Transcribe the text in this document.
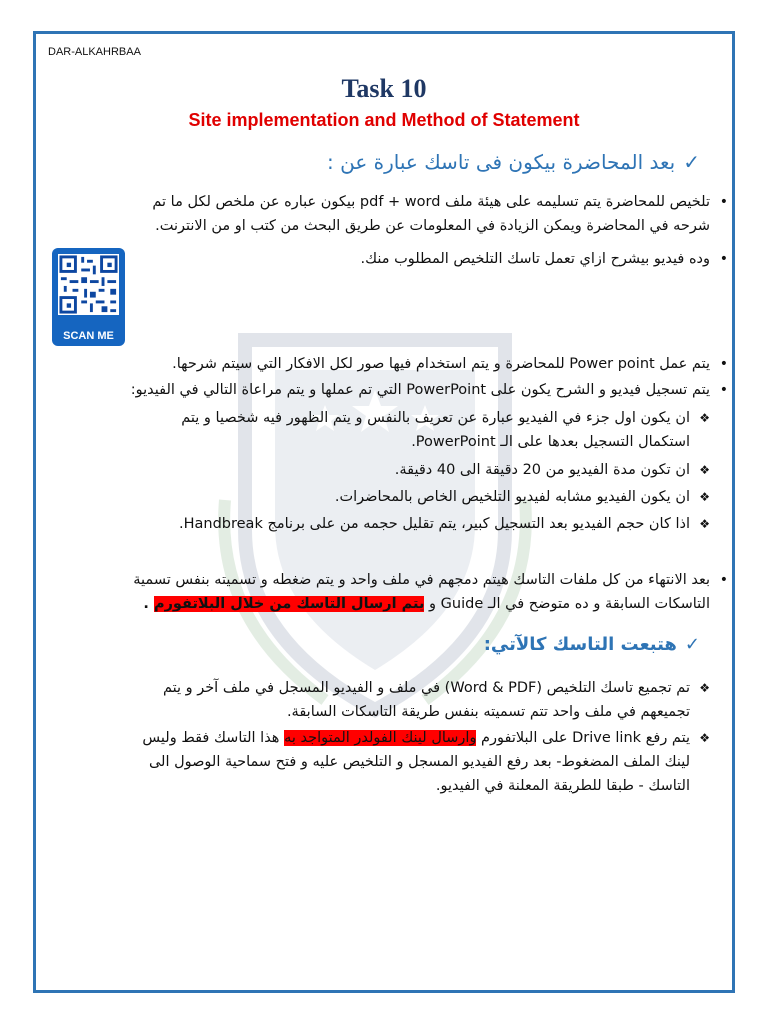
DAR-ALKAHRBAA
Task 10
Site implementation and Method of Statement
✓بعد المحاضرة بيكون فى تاسك عبارة عن :
•
تلخيص للمحاضرة يتم تسليمه على هيئة ملف pdf + word بيكون عباره عن ملخص لكل ما تم
شرحه في المحاضرة ويمكن الزيادة في المعلومات عن طريق البحث من كتب او من الانترنت.
•
وده فيديو بيشرح ازاي تعمل تاسك التلخيص المطلوب منك.
SCAN ME
•
يتم عمل Power point للمحاضرة و يتم استخدام فيها صور لكل الافكار التي سيتم شرحها.
•
يتم تسجيل فيديو و الشرح يكون على PowerPoint التي تم عملها و يتم مراعاة التالي في الفيديو:
❖
ان يكون اول جزء في الفيديو عبارة عن تعريف بالنفس و يتم الظهور فيه شخصيا و يتم
استكمال التسجيل بعدها على الـ PowerPoint.
❖
ان تكون مدة الفيديو من 20 دقيقة الى 40 دقيقة.
❖
ان يكون الفيديو مشابه لفيديو التلخيص الخاص بالمحاضرات.
❖
اذا كان حجم الفيديو بعد التسجيل كبير، يتم تقليل حجمه من على برنامج Handbreak.
•
بعد الانتهاء من كل ملفات التاسك هيتم دمجهم في ملف واحد و يتم ضغطه و تسميته بنفس تسمية
التاسكات السابقة و ده متوضح في الـ Guide و يتم ارسال التاسك من خلال البلاتفورم .
✓هتبعت التاسك كالآتي:
❖
تم تجميع تاسك التلخيص (Word & PDF) في ملف و الفيديو المسجل في ملف آخر و يتم
تجميعهم في ملف واحد تتم تسميته بنفس طريقة التاسكات السابقة.
❖
يتم رفع Drive link على البلاتفورم وارسال لينك الفولدر المتواجد به هذا التاسك فقط وليس
لينك الملف المضغوط- بعد رفع الفيديو المسجل و التلخيص عليه و فتح سماحية الوصول الى
التاسك - طبقا للطريقة المعلنة في الفيديو.
